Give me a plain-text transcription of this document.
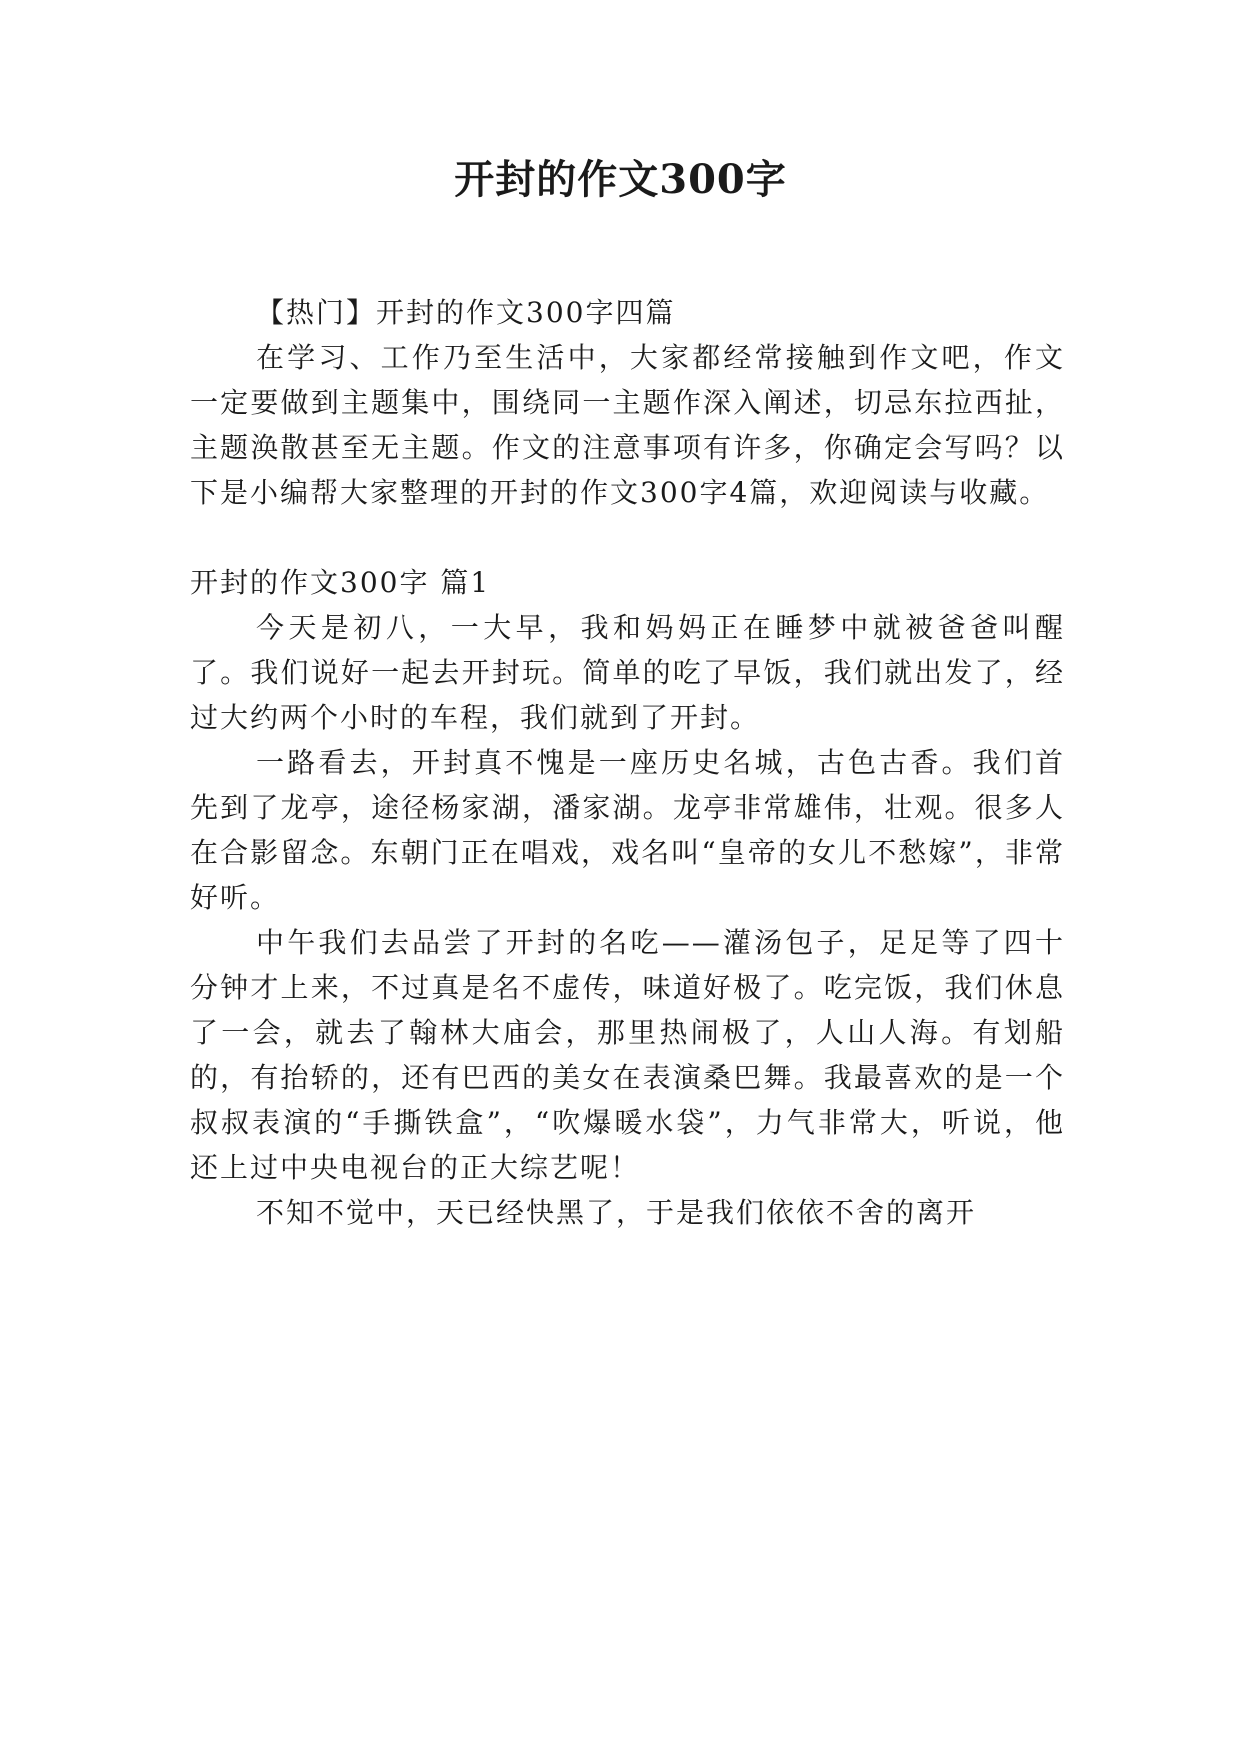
开封的作文300字

【热门】开封的作文300字四篇

在学习、工作乃至生活中，大家都经常接触到作文吧，作文一定要做到主题集中，围绕同一主题作深入阐述，切忌东拉西扯，主题涣散甚至无主题。作文的注意事项有许多，你确定会写吗？以下是小编帮大家整理的开封的作文300字4篇，欢迎阅读与收藏。

开封的作文300字 篇1

今天是初八，一大早，我和妈妈正在睡梦中就被爸爸叫醒了。我们说好一起去开封玩。简单的吃了早饭，我们就出发了，经过大约两个小时的车程，我们就到了开封。

一路看去，开封真不愧是一座历史名城，古色古香。我们首先到了龙亭，途径杨家湖，潘家湖。龙亭非常雄伟，壮观。很多人在合影留念。东朝门正在唱戏，戏名叫“皇帝的女儿不愁嫁”，非常好听。

中午我们去品尝了开封的名吃——灌汤包子，足足等了四十分钟才上来，不过真是名不虚传，味道好极了。吃完饭，我们休息了一会，就去了翰林大庙会，那里热闹极了，人山人海。有划船的，有抬轿的，还有巴西的美女在表演桑巴舞。我最喜欢的是一个叔叔表演的“手撕铁盒”，“吹爆暖水袋”，力气非常大，听说，他还上过中央电视台的正大综艺呢！

不知不觉中，天已经快黑了，于是我们依依不舍的离开
